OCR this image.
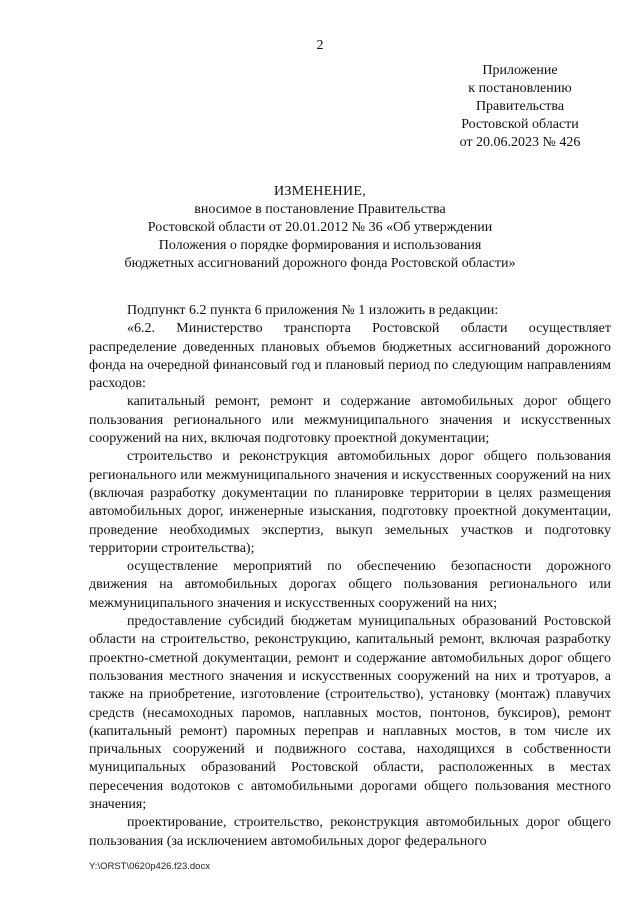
2
Приложение
к постановлению
Правительства
Ростовской области
от 20.06.2023 № 426
ИЗМЕНЕНИЕ,
вносимое в постановление Правительства
Ростовской области от 20.01.2012 № 36 «Об утверждении
Положения о порядке формирования и использования
бюджетных ассигнований дорожного фонда Ростовской области»

Подпункт 6.2 пункта 6 приложения № 1 изложить в редакции:

«6.2. Министерство транспорта Ростовской области осуществляет распределение доведенных плановых объемов бюджетных ассигнований дорожного фонда на очередной финансовый год и плановый период по следующим направлениям расходов:

капитальный ремонт, ремонт и содержание автомобильных дорог общего пользования регионального или межмуниципального значения и искусственных сооружений на них, включая подготовку проектной документации;

строительство и реконструкция автомобильных дорог общего пользования регионального или межмуниципального значения и искусственных сооружений на них (включая разработку документации по планировке территории в целях размещения автомобильных дорог, инженерные изыскания, подготовку проектной документации, проведение необходимых экспертиз, выкуп земельных участков и подготовку территории строительства);

осуществление мероприятий по обеспечению безопасности дорожного движения на автомобильных дорогах общего пользования регионального или межмуниципального значения и искусственных сооружений на них;

предоставление субсидий бюджетам муниципальных образований Ростовской области на строительство, реконструкцию, капитальный ремонт, включая разработку проектно-сметной документации, ремонт и содержание автомобильных дорог общего пользования местного значения и искусственных сооружений на них и тротуаров, а также на приобретение, изготовление (строительство), установку (монтаж) плавучих средств (несамоходных паромов, наплавных мостов, понтонов, буксиров), ремонт (капитальный ремонт) паромных переправ и наплавных мостов, в том числе их причальных сооружений и подвижного состава, находящихся в собственности муниципальных образований Ростовской области, расположенных в местах пересечения водотоков с автомобильными дорогами общего пользования местного значения;

проектирование, строительство, реконструкция автомобильных дорог общего пользования (за исключением автомобильных дорог федерального

Y:\ORST\0620p426.f23.docx
